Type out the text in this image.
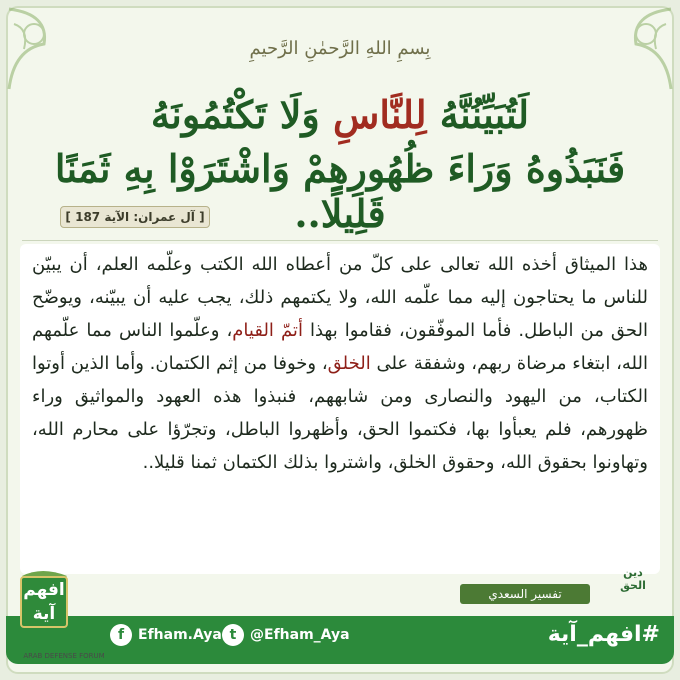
بِسمِ اللهِ الرَّحمٰنِ الرَّحيمِ
لَتُبَيِّنُنَّهُ لِلنَّاسِ وَلَا تَكْتُمُونَهُ
فَنَبَذُوهُ وَرَاءَ ظُهُورِهِمْ وَاشْتَرَوْا بِهِ ثَمَنًا قَلِيلًا..
[ آل عمران: الآية 187 ]
هذا الميثاق أخذه الله تعالى على كلّ من أعطاه الله الكتب وعلّمه العلم، أن يبيّن للناس ما يحتاجون إليه مما علّمه الله، ولا يكتمهم ذلك، يجب عليه أن يبيّنه، ويوضّح الحق من الباطل. فأما الموفّقون، فقاموا بهذا أتمّ القيام، وعلّموا الناس مما علّمهم الله، ابتغاء مرضاة ربهم، وشفقة على الخلق، وخوفا من إثم الكتمان. وأما الذين أوتوا الكتاب، من اليهود والنصارى ومن شابههم، فنبذوا هذه العهود والمواثيق وراء ظهورهم، فلم يعبأوا بها، فكتموا الحق، وأظهروا الباطل، وتجرّؤا على محارم الله، وتهاونوا بحقوق الله، وحقوق الخلق، واشتروا بذلك الكتمان ثمنا قليلا..
تفسير السعدي
#افهم_آية
f Efham.Aya t @Efham_Aya
افهم آية
ARAB DEFENSE FORUM
دين الحق
